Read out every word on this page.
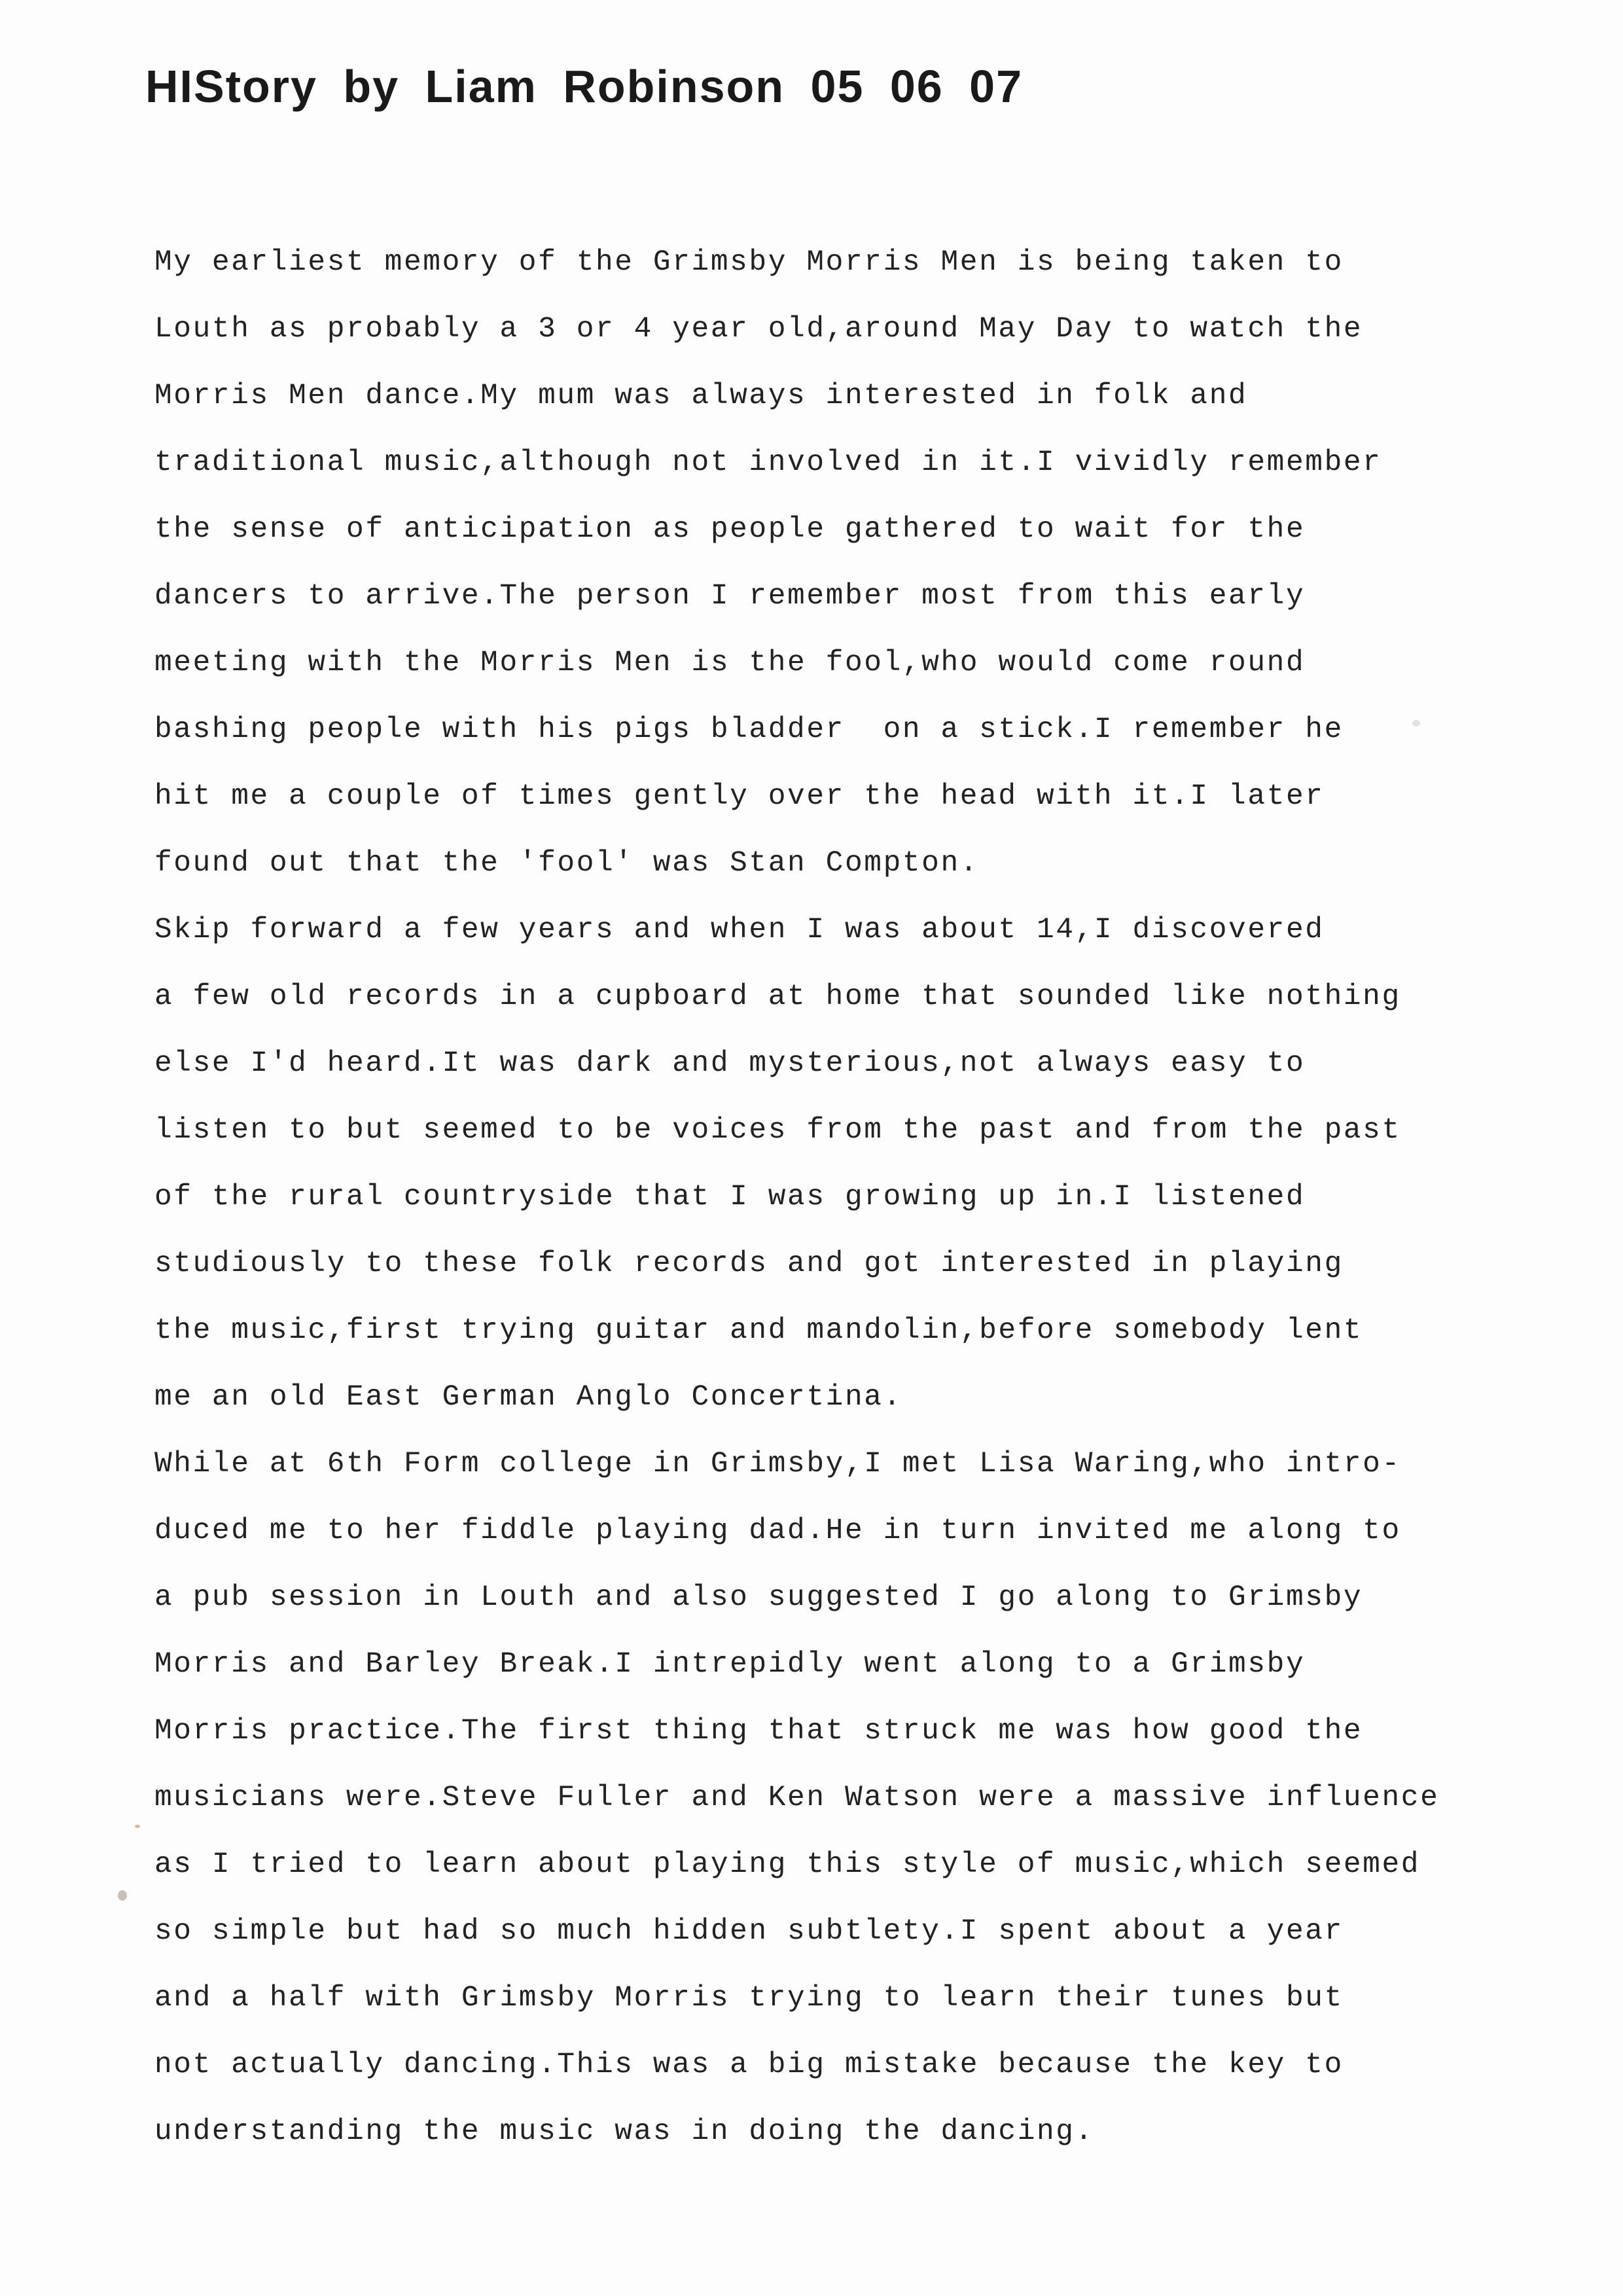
HIStory by Liam Robinson 05 06 07
My earliest memory of the Grimsby Morris Men is being taken to
Louth as probably a 3 or 4 year old,around May Day to watch the
Morris Men dance.My mum was always interested in folk and
traditional music,although not involved in it.I vividly remember
the sense of anticipation as people gathered to wait for the
dancers to arrive.The person I remember most from this early
meeting with the Morris Men is the fool,who would come round
bashing people with his pigs bladder  on a stick.I remember he
hit me a couple of times gently over the head with it.I later
found out that the 'fool' was Stan Compton.
Skip forward a few years and when I was about 14,I discovered
a few old records in a cupboard at home that sounded like nothing
else I'd heard.It was dark and mysterious,not always easy to
listen to but seemed to be voices from the past and from the past
of the rural countryside that I was growing up in.I listened
studiously to these folk records and got interested in playing
the music,first trying guitar and mandolin,before somebody lent
me an old East German Anglo Concertina.
While at 6th Form college in Grimsby,I met Lisa Waring,who intro-
duced me to her fiddle playing dad.He in turn invited me along to
a pub session in Louth and also suggested I go along to Grimsby
Morris and Barley Break.I intrepidly went along to a Grimsby
Morris practice.The first thing that struck me was how good the
musicians were.Steve Fuller and Ken Watson were a massive influence
as I tried to learn about playing this style of music,which seemed
so simple but had so much hidden subtlety.I spent about a year
and a half with Grimsby Morris trying to learn their tunes but
not actually dancing.This was a big mistake because the key to
understanding the music was in doing the dancing.
